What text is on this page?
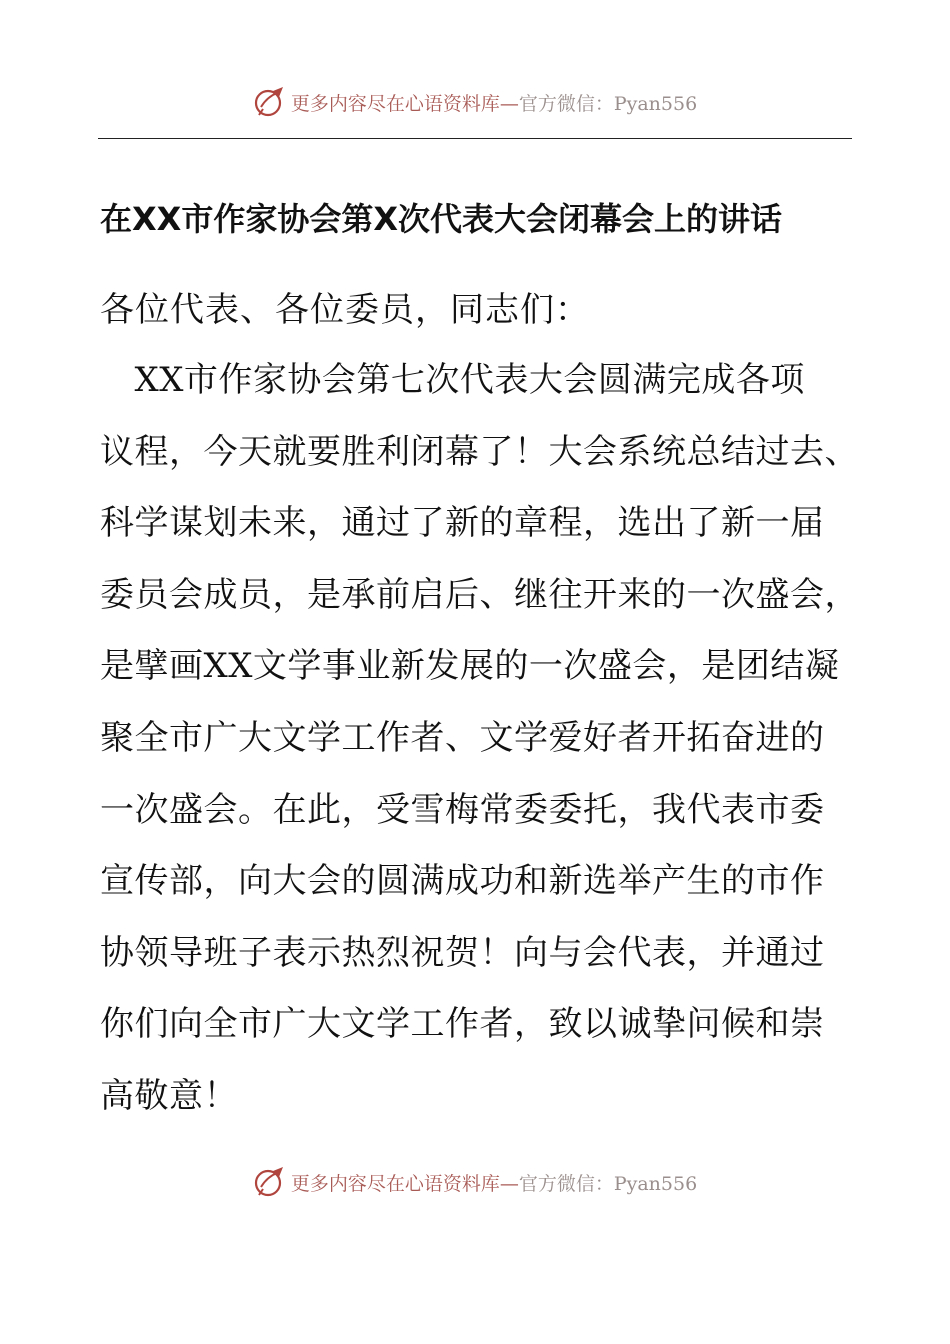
更多内容尽在心语资料库—官方微信：Pyan556
在XX市作家协会第X次代表大会闭幕会上的讲话
各位代表、各位委员，同志们：
　XX市作家协会第七次代表大会圆满完成各项
议程，今天就要胜利闭幕了！大会系统总结过去、
科学谋划未来，通过了新的章程，选出了新一届
委员会成员，是承前启后、继往开来的一次盛会，
是擘画XX文学事业新发展的一次盛会，是团结凝
聚全市广大文学工作者、文学爱好者开拓奋进的
一次盛会。在此，受雪梅常委委托，我代表市委
宣传部，向大会的圆满成功和新选举产生的市作
协领导班子表示热烈祝贺！向与会代表，并通过
你们向全市广大文学工作者，致以诚挚问候和崇
高敬意！
更多内容尽在心语资料库—官方微信：Pyan556
